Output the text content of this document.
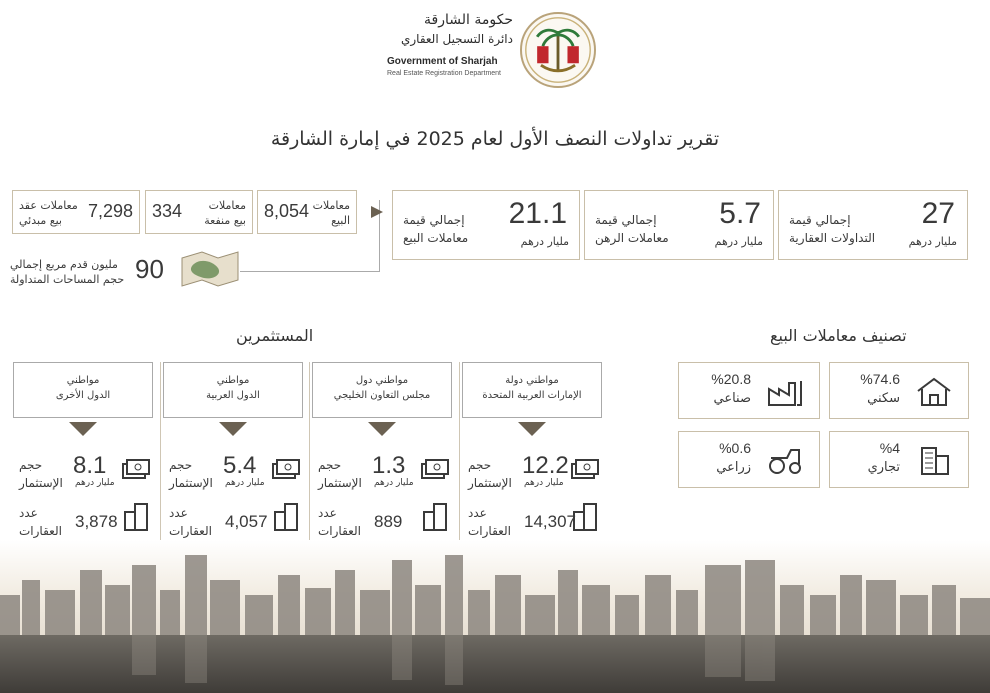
حكومة الشارقة
دائرة التسجيل العقاري
Government of Sharjah
Real Estate Registration Department
تقرير تداولات النصف الأول لعام 2025 في إمارة الشارقة
27
مليار درهم
إجمالي قيمة
التداولات العقارية
5.7
مليار درهم
إجمالي قيمة
معاملات الرهن
21.1
مليار درهم
إجمالي قيمة
معاملات البيع
8,054 معاملات
البيع
334 معاملات
بيع منفعة
7,298
معاملات عقد
بيع مبدئي
90
مليون قدم مربع إجمالي
حجم المساحات المتداولة
تصنيف معاملات البيع
%74.6
سكني
%20.8
صناعي
%4
تجاري
%0.6
زراعي
المستثمرين
مواطني دولة
الإمارات العربية المتحدة
12.2
مليار درهم
حجم
الإستثمار
14,307
عدد
العقارات
مواطني دول
مجلس التعاون الخليجي
1.3
مليار درهم
حجم
الإستثمار
889
عدد
العقارات
مواطني
الدول العربية
5.4
مليار درهم
حجم
الإستثمار
4,057
عدد
العقارات
مواطني
الدول الأخرى
8.1
مليار درهم
حجم
الإستثمار
3,878
عدد
العقارات
